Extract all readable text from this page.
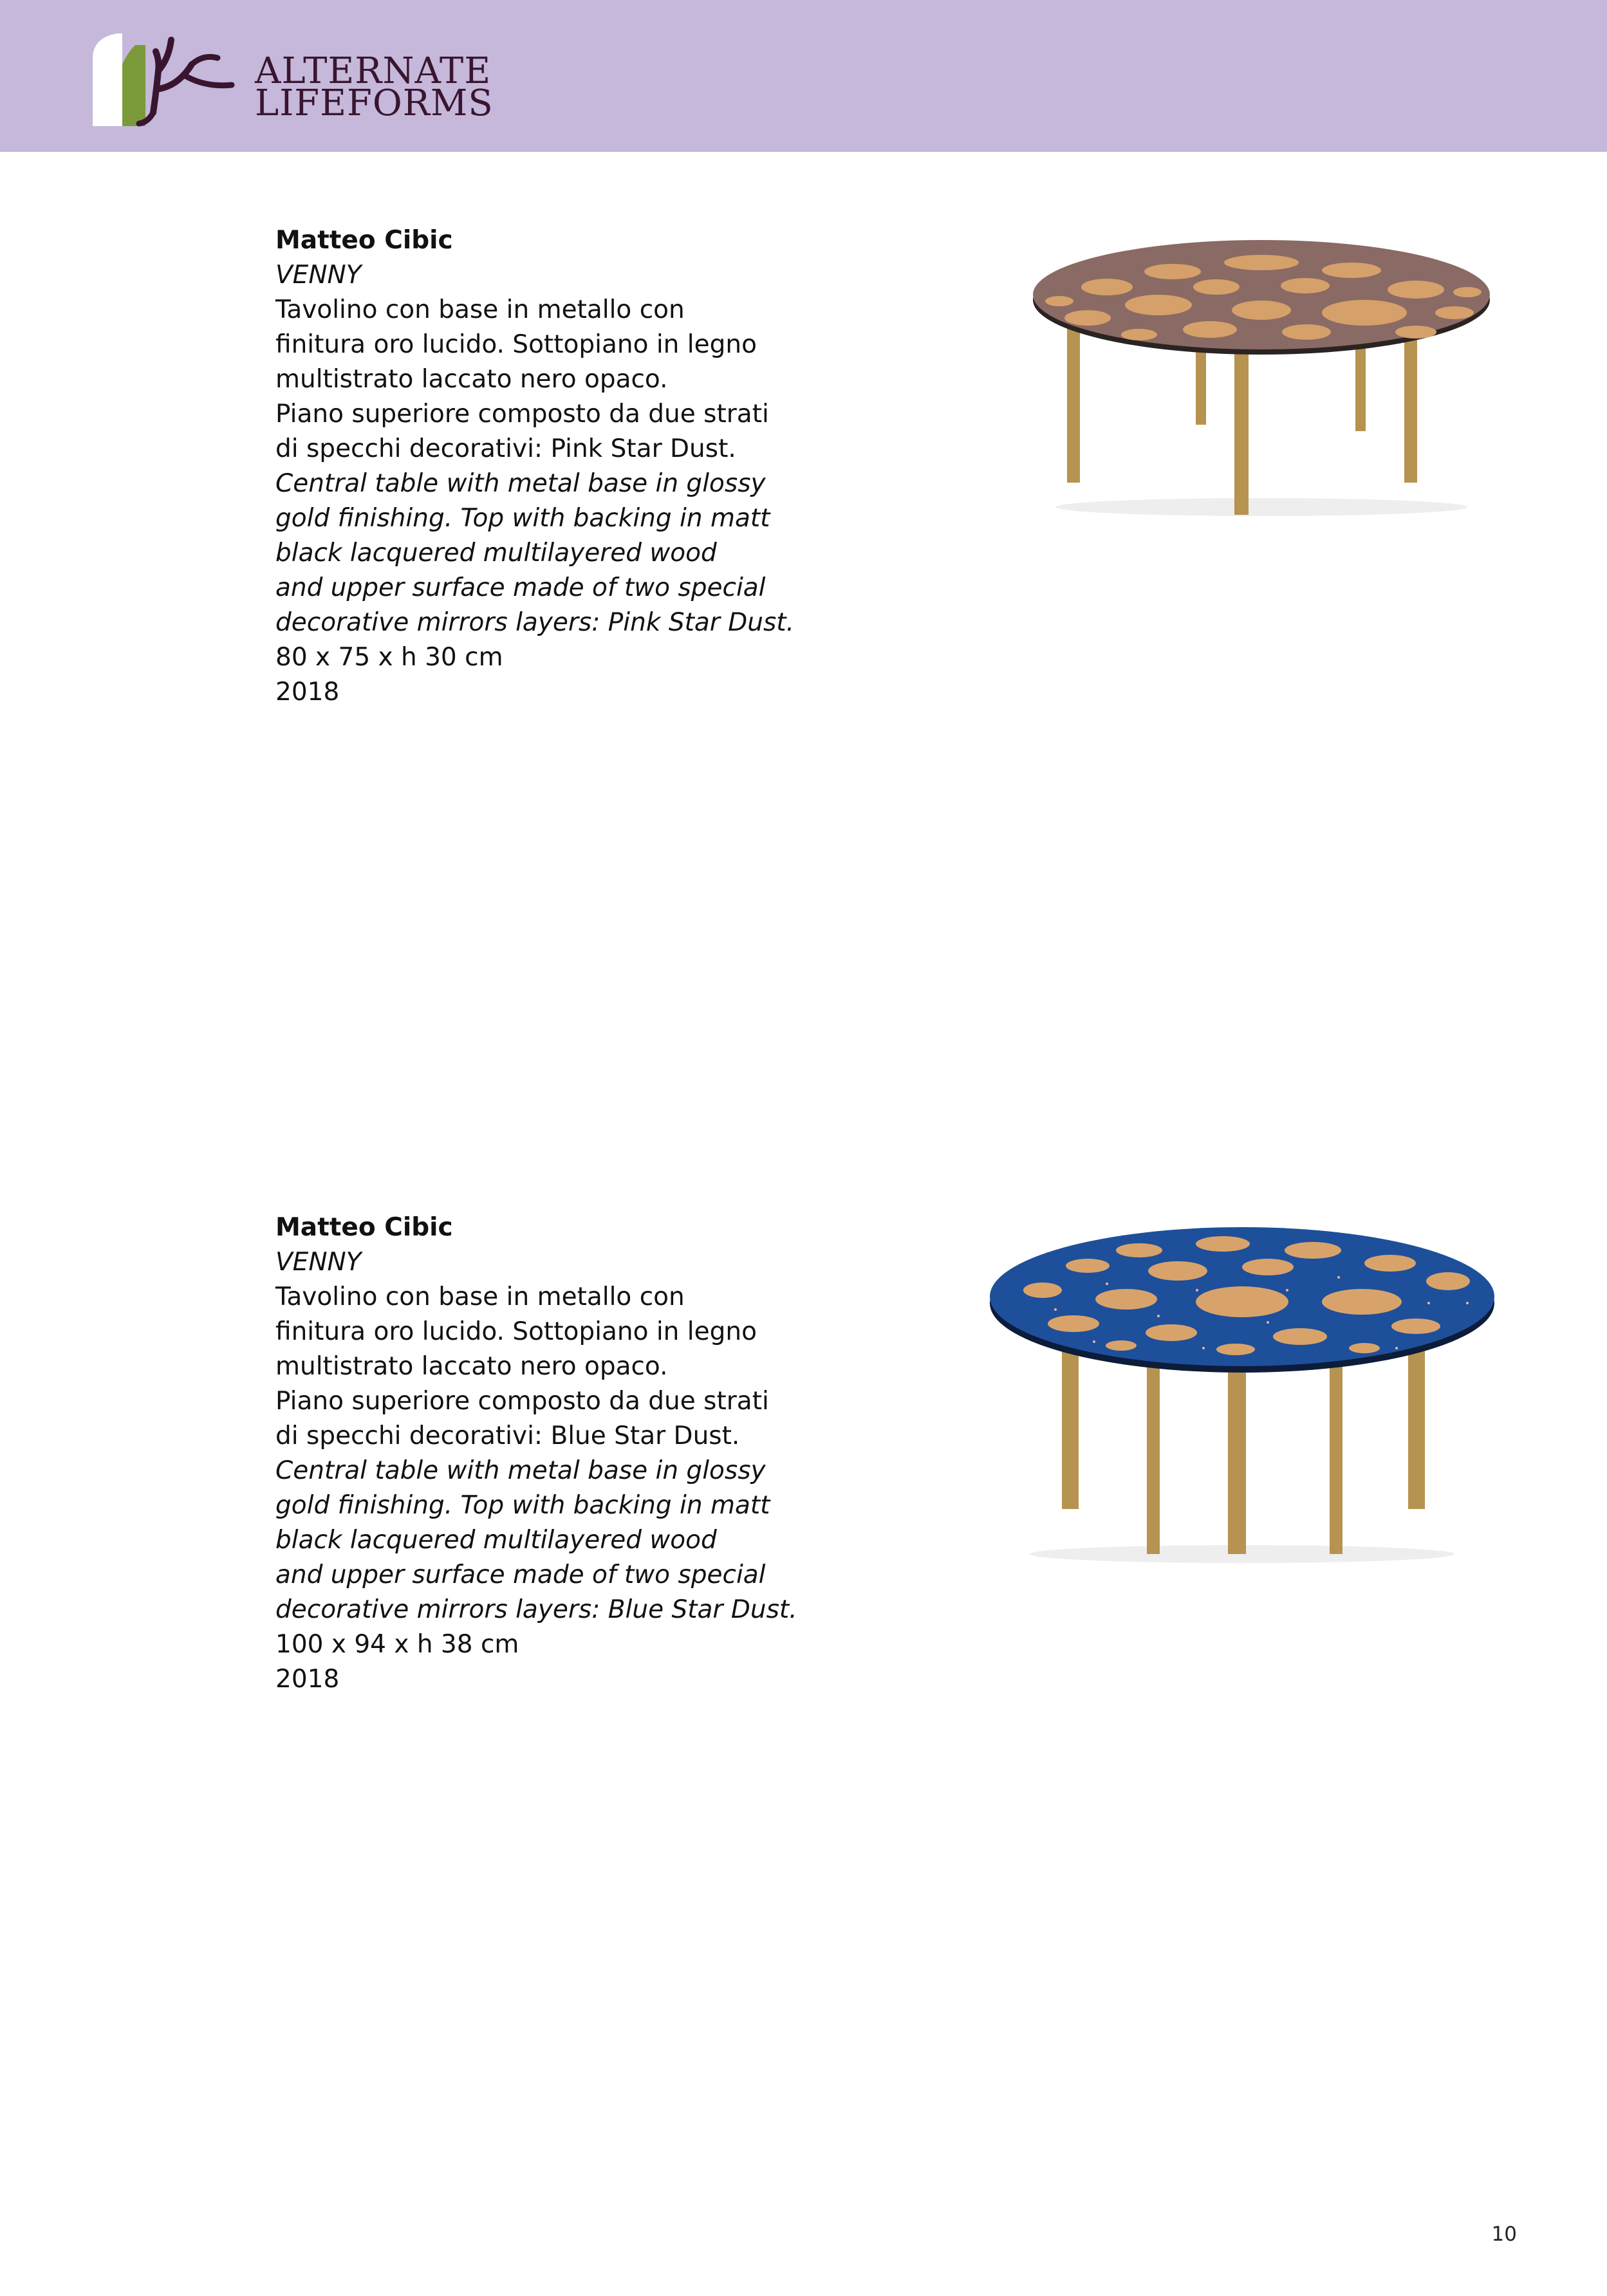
ALTERNATE
LIFEFORMS
Matteo Cibic
VENNY
Tavolino con base in metallo con
finitura oro lucido. Sottopiano in legno
multistrato laccato nero opaco.
Piano superiore composto da due strati
di specchi decorativi: Pink Star Dust.
Central table with metal base in glossy
gold finishing. Top with backing in matt
black lacquered multilayered wood
and upper surface made of two special
decorative mirrors layers: Pink Star Dust.
80 x 75 x h 30 cm
2018
Matteo Cibic
VENNY
Tavolino con base in metallo con
finitura oro lucido. Sottopiano in legno
multistrato laccato nero opaco.
Piano superiore composto da due strati
di specchi decorativi: Blue Star Dust.
Central table with metal base in glossy
gold finishing. Top with backing in matt
black lacquered multilayered wood
and upper surface made of two special
decorative mirrors layers: Blue Star Dust.
100 x 94 x h 38 cm
2018
10
